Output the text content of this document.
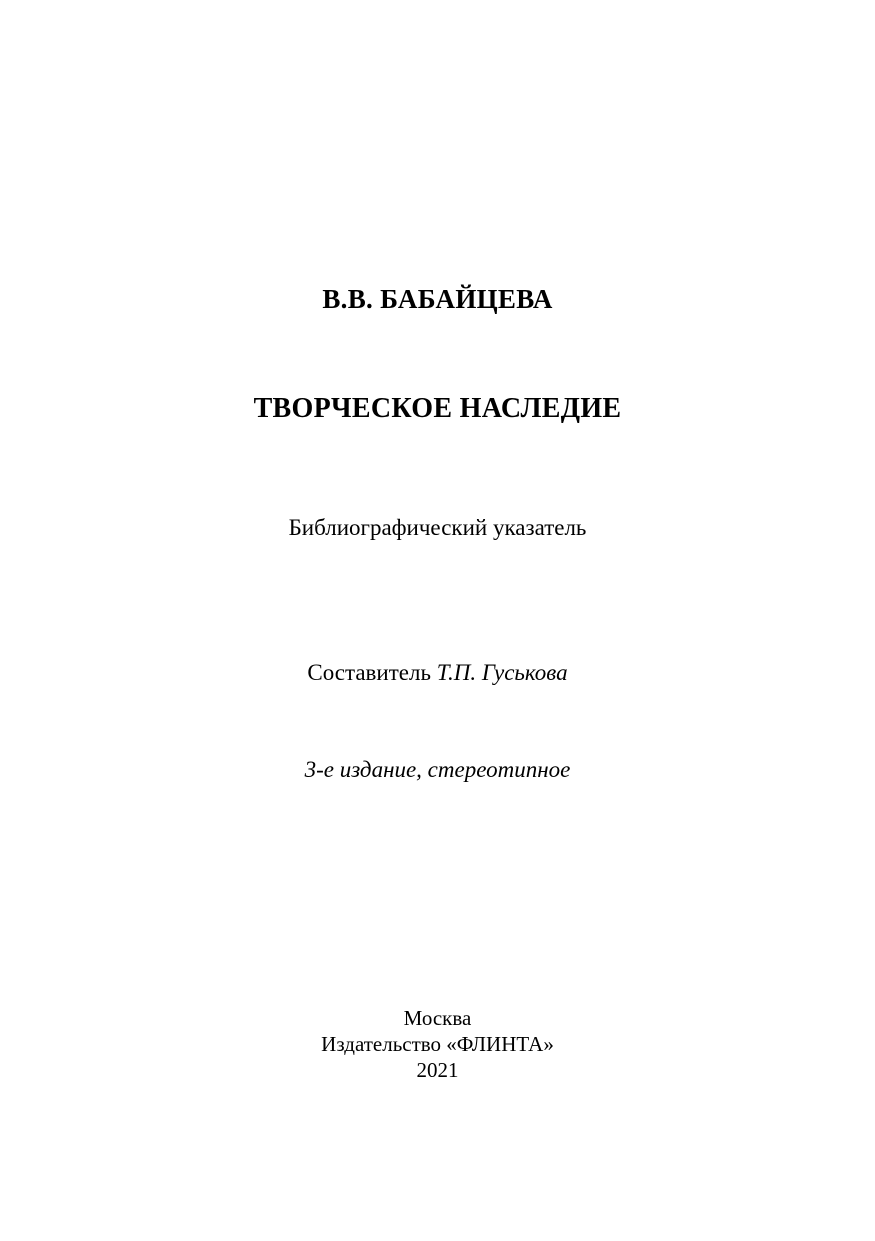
В.В. БАБАЙЦЕВА
ТВОРЧЕСКОЕ НАСЛЕДИЕ
Библиографический указатель
Составитель Т.П. Гуськова
3-е издание, стереотипное
Москва
Издательство «ФЛИНТА»
2021
